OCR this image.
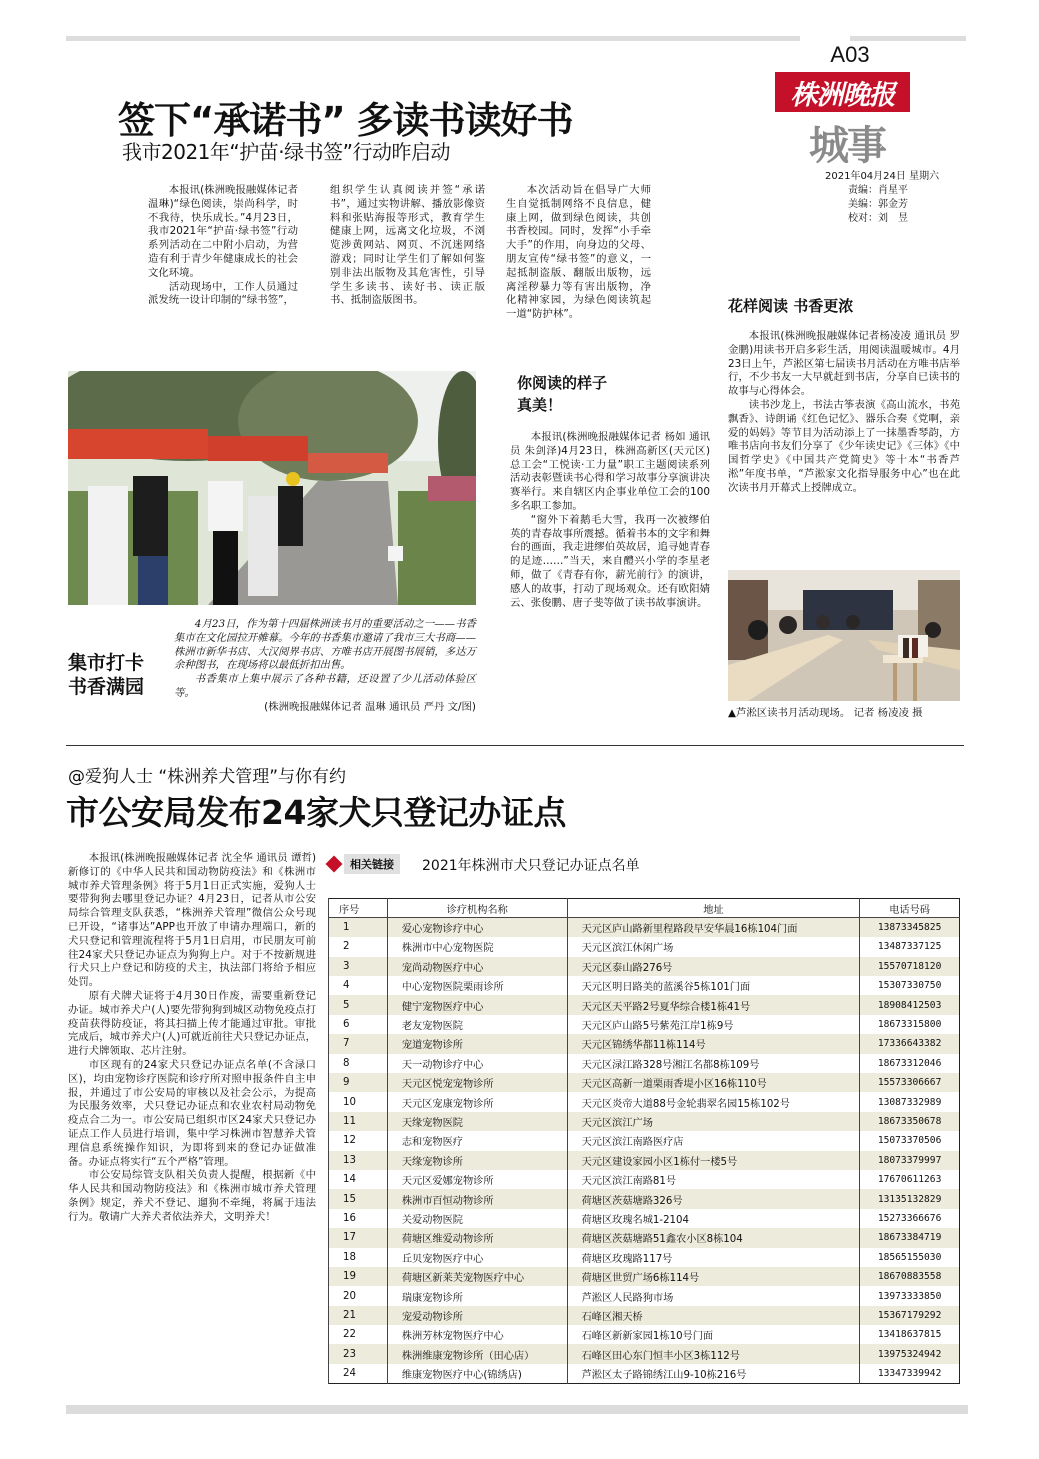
A03
株洲晚报
城事
2021年04月24日 星期六
责编：肖星平
美编：郭金芳
校对：刘　昱
签下“承诺书” 多读书读好书
我市2021年“护苗·绿书签”行动昨启动

本报讯(株洲晚报融媒体记者温琳)“绿色阅读，崇尚科学，时不我待，快乐成长。”4月23日，我市2021年“护苗·绿书签”行动系列活动在二中附小启动，为营造有利于青少年健康成长的社会文化环境。

活动现场中，工作人员通过派发统一设计印制的“绿书签”，

组织学生认真阅读并签“承诺书”，通过实物讲解、播放影像资料和张贴海报等形式，教育学生健康上网，远离文化垃圾，不浏览涉黄网站、网页、不沉迷网络游戏；同时让学生们了解如何鉴别非法出版物及其危害性，引导学生多读书、读好书、读正版书、抵制盗版图书。

本次活动旨在倡导广大师生自觉抵制网络不良信息，健康上网，做到绿色阅读，共创书香校园。同时，发挥“小手牵大手”的作用，向身边的父母、朋友宣传“绿书签”的意义，一起抵制盗版、翻版出版物，远离淫秽暴力等有害出版物，净化精神家园，为绿色阅读筑起一道“防护林”。	花样阅读 书香更浓

本报讯(株洲晚报融媒体记者杨凌凌 通讯员 罗金鹏)用读书开启多彩生活，用阅读温暖城市。4月23日上午，芦淞区第七届读书月活动在方唯书店举行，不少书友一大早就赶到书店，分享自已读书的故事与心得体会。

读书沙龙上，书法古筝表演《高山流水，书苑飘香》、诗朗诵《红色记忆》、器乐合奏《党啊，亲爱的妈妈》等节目为活动添上了一抹墨香琴韵，方唯书店向书友们分享了《少年读史记》《三体》《中国哲学史》《中国共产党简史》等十本“书香芦淞”年度书单，“芦淞家文化指导服务中心”也在此次读书月开幕式上授牌成立。

▲芦淞区读书月活动现场。 记者 杨凌凌 摄
你阅读的样子
真美！

本报讯(株洲晚报融媒体记者 杨如 通讯员 朱剑泽)4月23日，株洲高新区(天元区)总工会“工悦读·工力量”职工主题阅读系列活动表彰暨读书心得和学习故事分享演讲决赛举行。来自辖区内企事业单位工会的100多名职工参加。

“窗外下着鹅毛大雪，我再一次被缪伯英的青春故事所震撼。循着书本的文字和舞台的画面，我走进缪伯英故居，追寻她青春的足迹……”当天，来自醴兴小学的李星老师，做了《青春有你，薪光前行》的演讲，感人的故事，打动了现场观众。还有欧阳婧云、张俊鹏、唐子斐等做了读书故事演讲。

集市打卡
书香满园

4月23日，作为第十四届株洲读书月的重要活动之一——书香集市在文化园拉开帷幕。今年的书香集市邀请了我市三大书商——株洲市新华书店、大汉阅界书店、方唯书店开展图书展销，多达万余种图书，在现场将以最低折扣出售。

书香集市上集中展示了各种书籍，还设置了少儿活动体验区等。

(株洲晚报融媒体记者 温琳 通讯员 严丹 文/图)

@爱狗人士 “株洲养犬管理”与你有约
市公安局发布24家犬只登记办证点

本报讯(株洲晚报融媒体记者 沈全华 通讯员 谭哲)新修订的《中华人民共和国动物防疫法》和《株洲市城市养犬管理条例》将于5月1日正式实施，爱狗人士要带狗狗去哪里登记办证？4月23日，记者从市公安局综合管理支队获悉，“株洲养犬管理”微信公众号现已开设，“诸事达”APP也开放了申请办理端口，新的犬只登记和管理流程将于5月1日启用，市民朋友可前往24家犬只登记办证点为狗狗上户。对于不按新规进行犬只上户登记和防疫的犬主，执法部门将给予相应处罚。

原有犬牌犬证将于4月30日作废，需要重新登记办证。城市养犬户(人)要先带狗狗到城区动物免疫点打疫苗获得防疫证，将其扫描上传才能通过审批。审批完成后，城市养犬户(人)可就近前往犬只登记办证点，进行犬牌领取、芯片注射。

市区现有的24家犬只登记办证点名单(不含渌口区)，均由宠物诊疗医院和诊疗所对照申报条件自主申报，并通过了市公安局的审核以及社会公示，为提高为民服务效率，犬只登记办证点和农业农村局动物免疫点合二为一。市公安局已组织市区24家犬只登记办证点工作人员进行培训，集中学习株洲市智慧养犬管理信息系统操作知识，为即将到来的登记办证做准备。办证点将实行“五个严格”管理。

市公安局综管支队相关负责人提醒，根据新《中华人民共和国动物防疫法》和《株洲市城市养犬管理条例》规定，养犬不登记、遛狗不牵绳，将属于违法行为。敬请广大养犬者依法养犬，文明养犬！

相关链接	2021年株洲市犬只登记办证点名单
序号	诊疗机构名称	地址	电话号码
1	爱心宠物诊疗中心	天元区庐山路新里程路段早安华晨16栋104门面	13873345825
2	株洲市中心宠物医院	天元区滨江休闲广场	13487337125
3	宠尚动物医疗中心	天元区泰山路276号	15570718120
4	中心宠物医院栗雨诊所	天元区明日路美的蓝溪谷5栋101门面	15307330750
5	健宁宠物医疗中心	天元区天平路2号夏华综合楼1栋41号	18908412503
6	老友宠物医院	天元区庐山路5号紫苑江岸1栋9号	18673315800
7	宠道宠物诊所	天元区锦绣华都11栋114号	17336643382
8	天一动物诊疗中心	天元区渌江路328号湘江名都8栋109号	18673312046
9	天元区悦宠宠物诊所	天元区高新一道栗雨香堤小区16栋110号	15573306667
10	天元区宠康宠物诊所	天元区炎帝大道88号金轮翡翠名园15栋102号	13087332989
11	天缘宠物医院	天元区滨江广场	18673350678
12	志和宠物医疗	天元区滨江南路医疗店	15073370506
13	天缘宠物诊所	天元区建设家园小区1栋付一楼5号	18073379997
14	天元区爱娜宠物诊所	天元区滨江南路81号	17670611263
15	株洲市百恒动物诊所	荷塘区茨菇塘路326号	13135132829
16	关爱动物医院	荷塘区玫瑰名城1-2104	15273366676
17	荷塘区维爱动物诊所	荷塘区茨菇塘路51鑫农小区8栋104	18673384719
18	丘贝宠物医疗中心	荷塘区玫瑰路117号	18565155030
19	荷塘区新莱芙宠物医疗中心	荷塘区世贸广场6栋114号	18670883558
20	瑞康宠物诊所	芦淞区人民路狗市场	13973333850
21	宠爱动物诊所	石峰区湘天桥	15367179292
22	株洲芳林宠物医疗中心	石峰区新新家园1栋10号门面	13418637815
23	株洲维康宠物诊所（田心店）	石峰区田心东门恒丰小区3栋112号	13975324942
24	维康宠物医疗中心(锦绣店)	芦淞区太子路锦绣江山9-10栋216号	13347339942
